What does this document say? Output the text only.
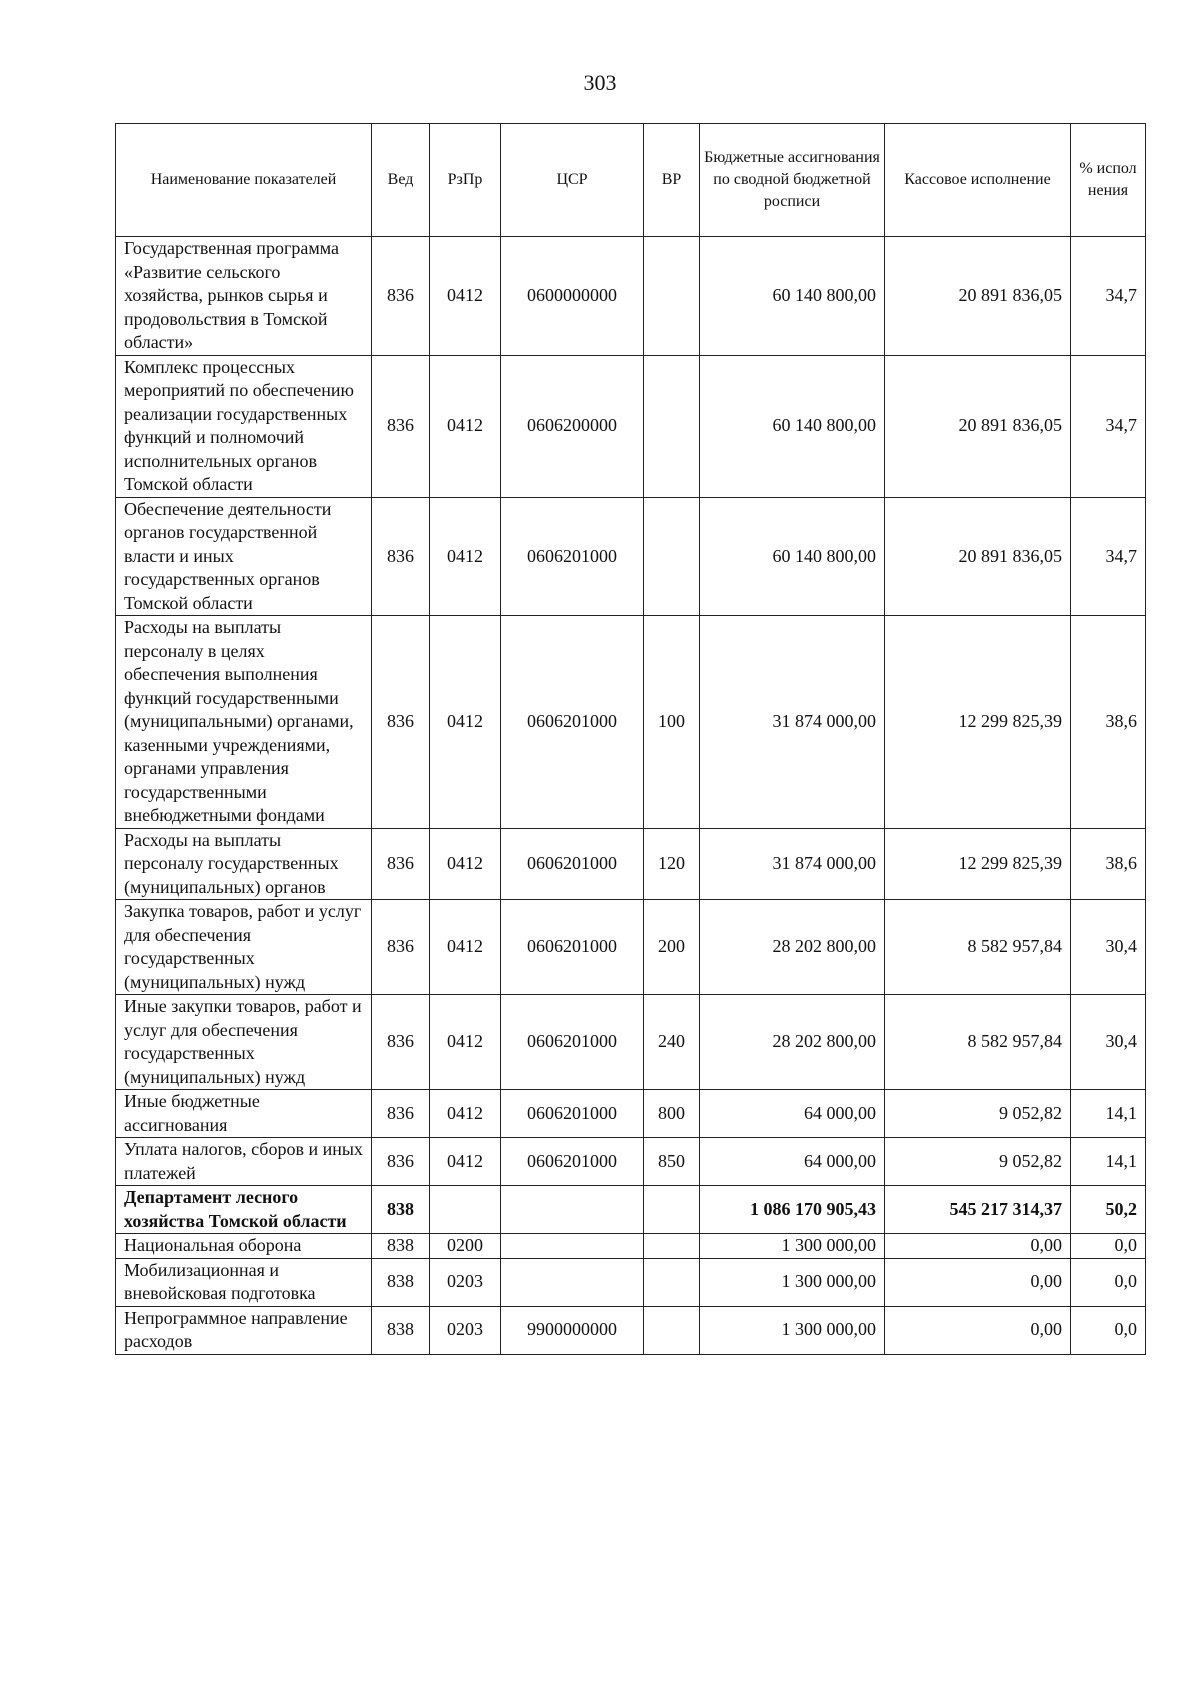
303
Наименование показателей	Вед	РзПр	ЦСР	ВР	Бюджетные ассигнования по сводной бюджетной росписи	Кассовое исполнение	% испол нения
Государственная программа «Развитие сельского хозяйства, рынков сырья и продовольствия в Томской области»	836	0412	0600000000		60 140 800,00	20 891 836,05	34,7
Комплекс процессных мероприятий по обеспечению реализации государственных функций и полномочий исполнительных органов Томской области	836	0412	0606200000		60 140 800,00	20 891 836,05	34,7
Обеспечение деятельности органов государственной власти и иных государственных органов Томской области	836	0412	0606201000		60 140 800,00	20 891 836,05	34,7
Расходы на выплаты персоналу в целях обеспечения выполнения функций государственными (муниципальными) органами, казенными учреждениями, органами управления государственными внебюджетными фондами	836	0412	0606201000	100	31 874 000,00	12 299 825,39	38,6
Расходы на выплаты персоналу государственных (муниципальных) органов	836	0412	0606201000	120	31 874 000,00	12 299 825,39	38,6
Закупка товаров, работ и услуг для обеспечения государственных (муниципальных) нужд	836	0412	0606201000	200	28 202 800,00	8 582 957,84	30,4
Иные закупки товаров, работ и услуг для обеспечения государственных (муниципальных) нужд	836	0412	0606201000	240	28 202 800,00	8 582 957,84	30,4
Иные бюджетные ассигнования	836	0412	0606201000	800	64 000,00	9 052,82	14,1
Уплата налогов, сборов и иных платежей	836	0412	0606201000	850	64 000,00	9 052,82	14,1
Департамент лесного хозяйства Томской области	838				1 086 170 905,43	545 217 314,37	50,2
Национальная оборона	838	0200			1 300 000,00	0,00	0,0
Мобилизационная и вневойсковая подготовка	838	0203			1 300 000,00	0,00	0,0
Непрограммное направление расходов	838	0203	9900000000		1 300 000,00	0,00	0,0
